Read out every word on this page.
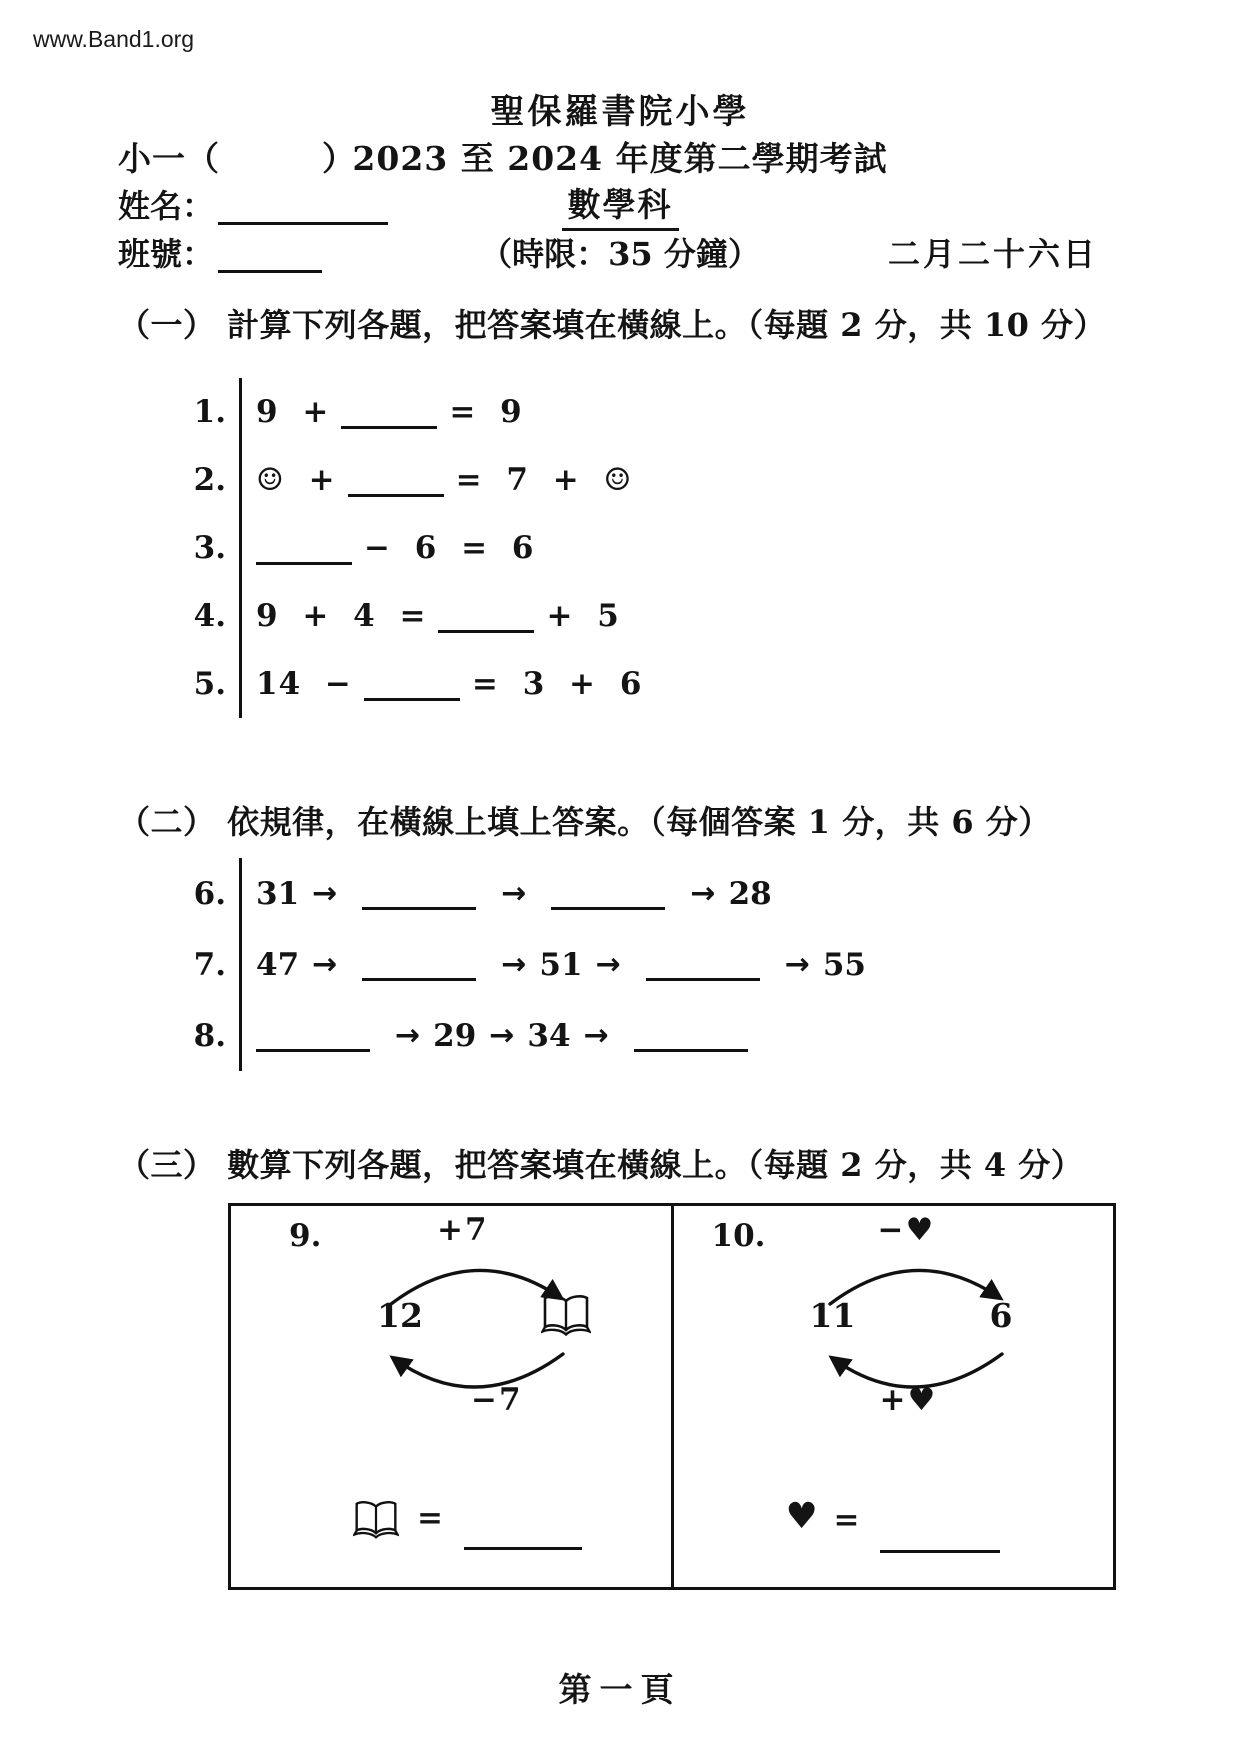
www.Band1.org
聖保羅書院小學
小一（　　　）
2023 至 2024 年度第二學期考試
姓名：	數學科
班號：	（時限：35 分鐘）	二月二十六日
（一） 計算下列各題，把答案填在橫線上。（每題 2 分，共 10 分）
1. 9 +	= 9
2. ☺ +	= 7 + ☺
3.	− 6 = 6
4. 9 + 4 =	+ 5
5. 14 −	= 3 + 6
（二） 依規律，在橫線上填上答案。（每個答案 1 分，共 6 分）
6. 31 →	→	→ 28
7. 47 →	→ 51 →	→ 55
8.	→ 29 → 34 →
（三） 數算下列各題，把答案填在橫線上。（每題 2 分，共 4 分）
9.	+7
12
−7
=
10.	−♥
11	6
+♥
♥ =
第一頁
